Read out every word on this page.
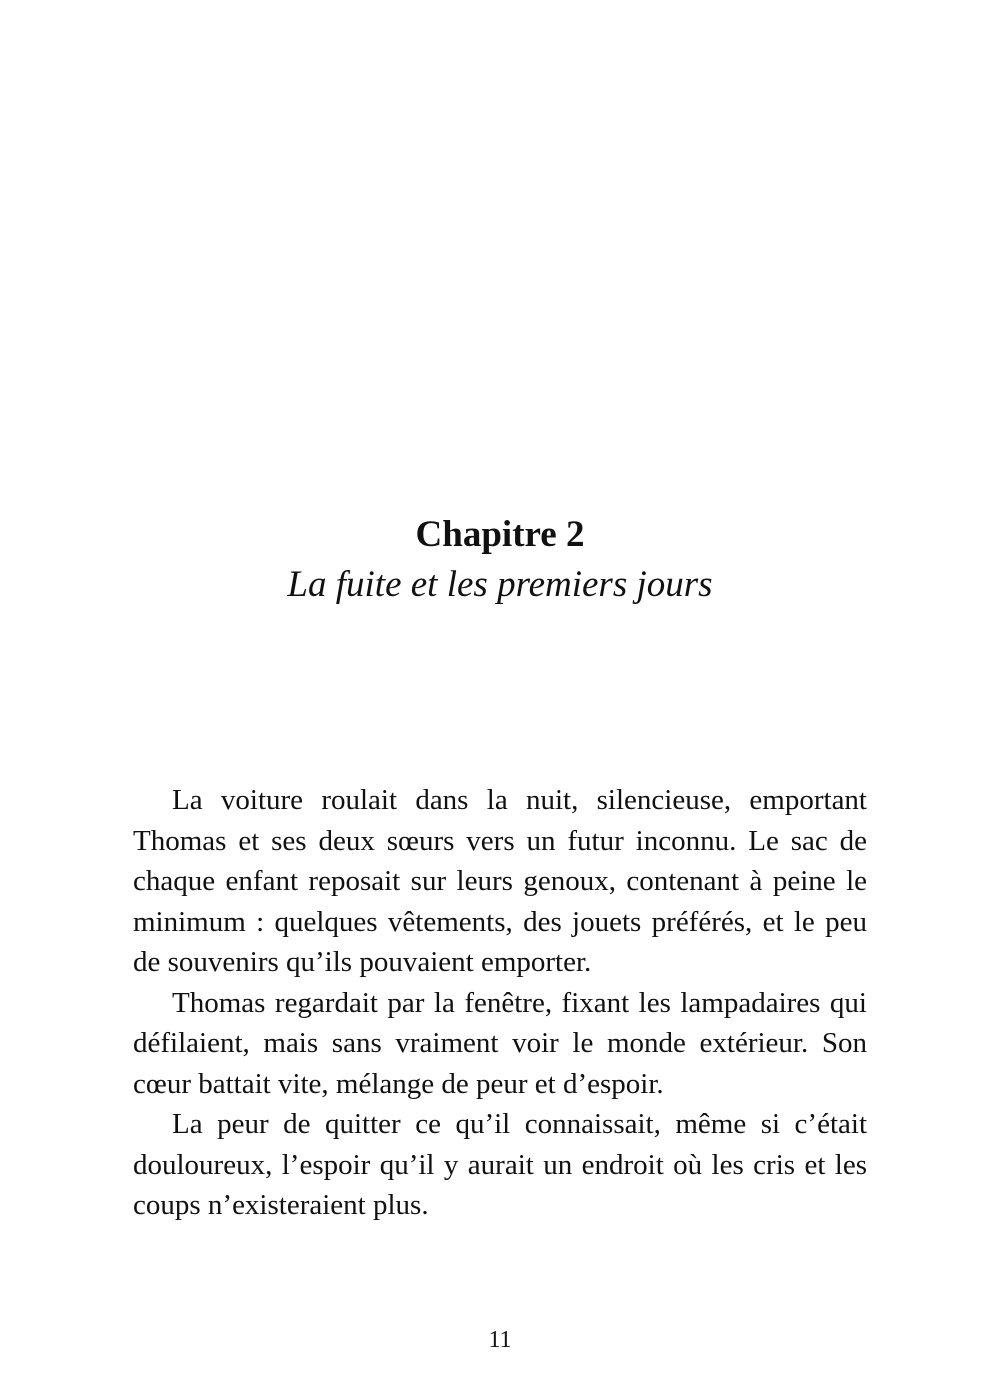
Chapitre 2

La fuite et les premiers jours

La voiture roulait dans la nuit, silencieuse, emportant Thomas et ses deux sœurs vers un futur inconnu. Le sac de chaque enfant reposait sur leurs genoux, contenant à peine le minimum : quelques vêtements, des jouets préférés, et le peu de souvenirs qu’ils pouvaient emporter.

Thomas regardait par la fenêtre, fixant les lampadaires qui défilaient, mais sans vraiment voir le monde extérieur. Son cœur battait vite, mélange de peur et d’espoir.

La peur de quitter ce qu’il connaissait, même si c’était douloureux, l’espoir qu’il y aurait un endroit où les cris et les coups n’existeraient plus.

11
